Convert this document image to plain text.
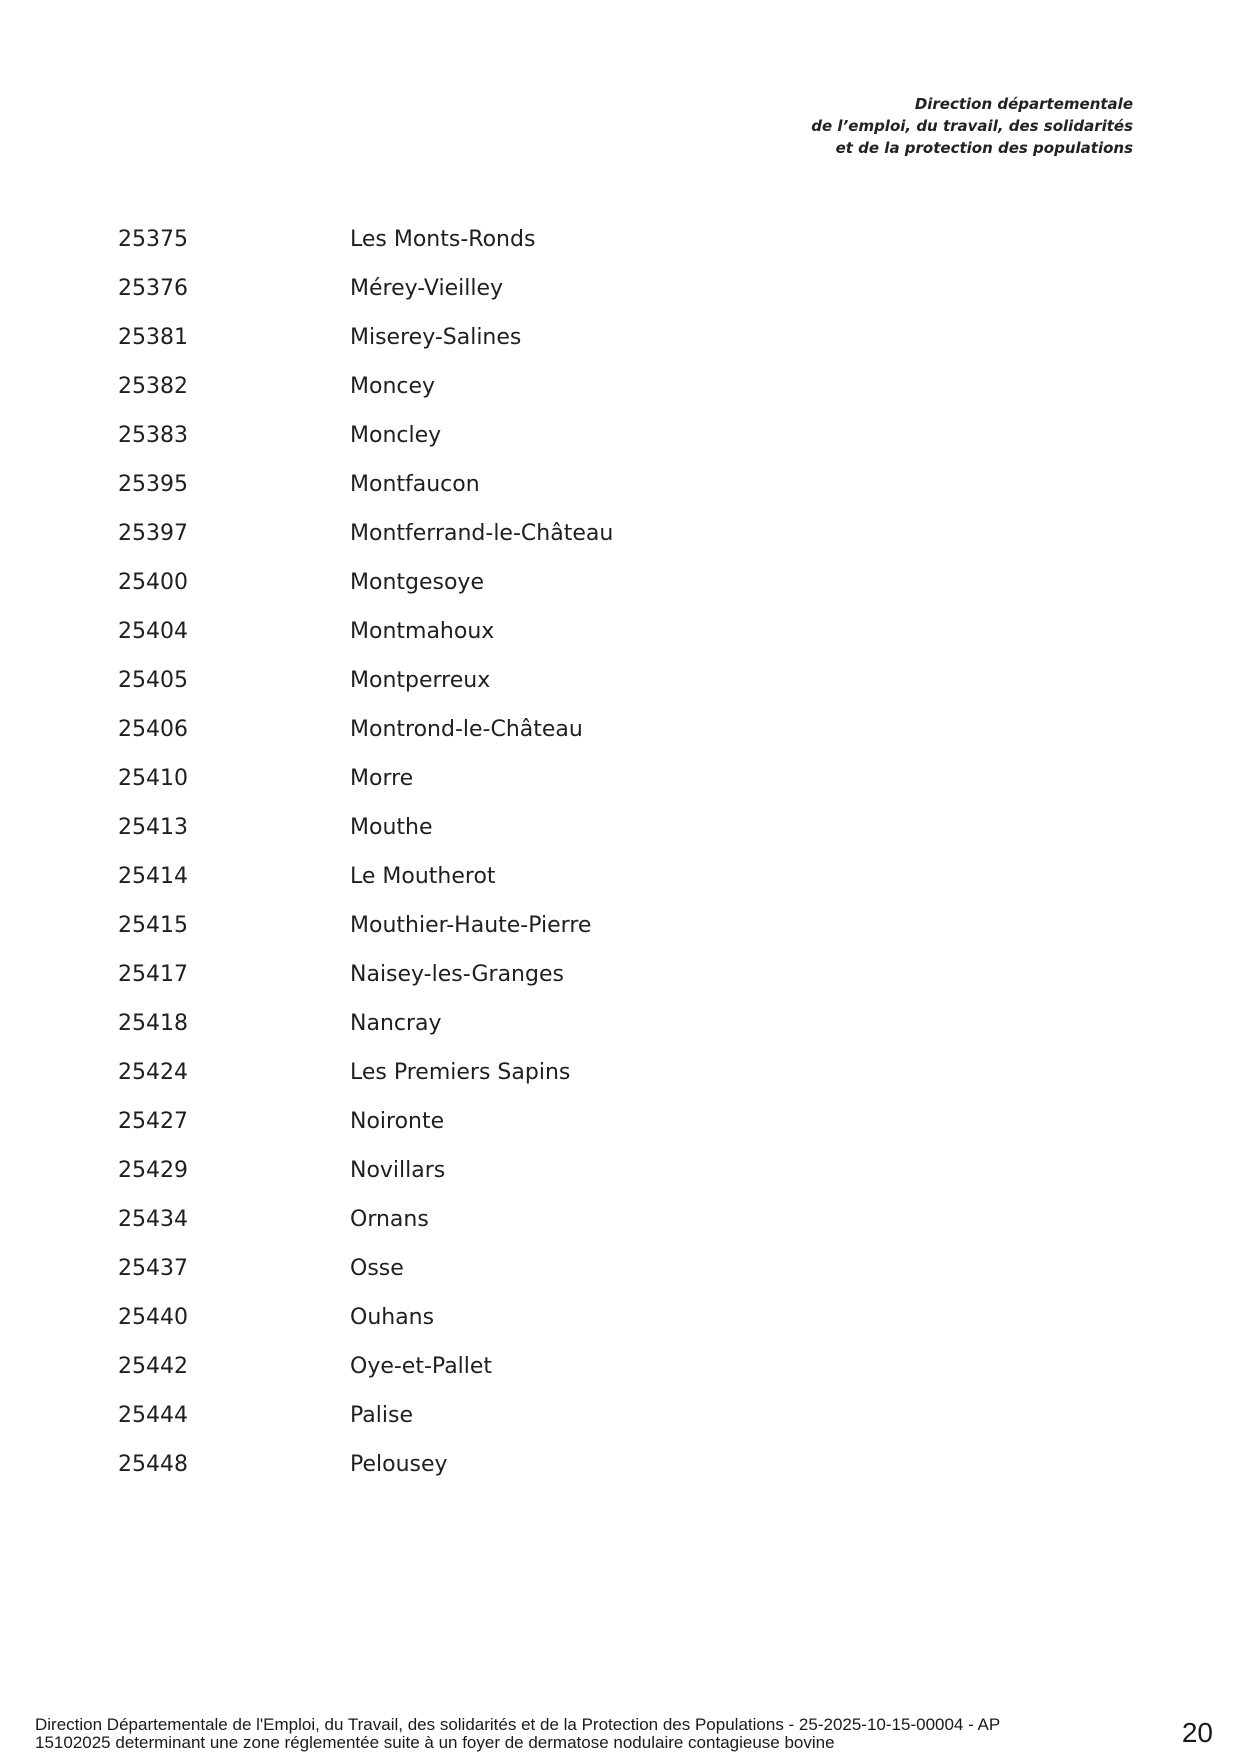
Direction départementale
de l’emploi, du travail, des solidarités
et de la protection des populations
25375	Les Monts-Ronds
25376	Mérey-Vieilley
25381	Miserey-Salines
25382	Moncey
25383	Moncley
25395	Montfaucon
25397	Montferrand-le-Château
25400	Montgesoye
25404	Montmahoux
25405	Montperreux
25406	Montrond-le-Château
25410	Morre
25413	Mouthe
25414	Le Moutherot
25415	Mouthier-Haute-Pierre
25417	Naisey-les-Granges
25418	Nancray
25424	Les Premiers Sapins
25427	Noironte
25429	Novillars
25434	Ornans
25437	Osse
25440	Ouhans
25442	Oye-et-Pallet
25444	Palise
25448	Pelousey
Direction Départementale de l'Emploi, du Travail, des solidarités et de la Protection des Populations - 25-2025-10-15-00004 - AP
15102025 determinant une zone réglementée suite à un foyer de dermatose nodulaire contagieuse bovine	20
